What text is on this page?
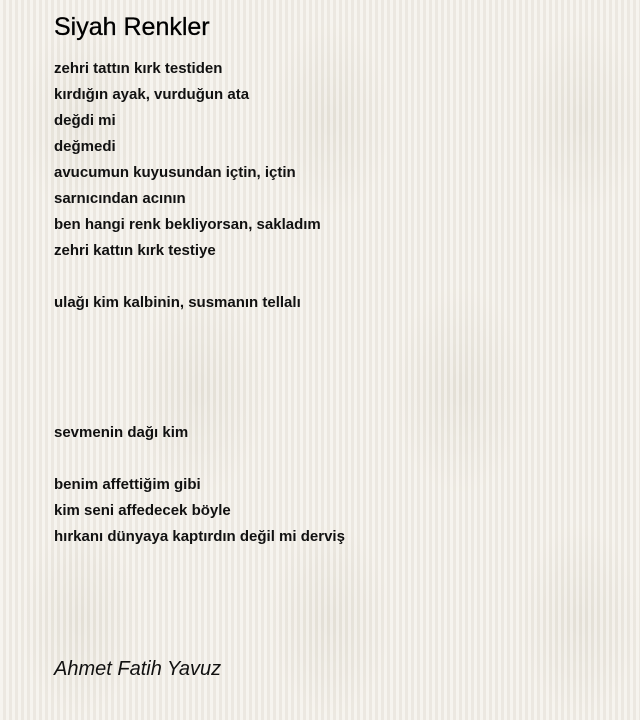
Siyah Renkler
zehri tattın kırk testiden
kırdığın ayak, vurduğun ata
değdi mi
değmedi
avucumun kuyusundan içtin, içtin
sarnıcından acının
ben hangi renk bekliyorsan, sakladım
zehri kattın kırk testiye
ulağı kim kalbinin, susmanın tellalı
sevmenin dağı kim
benim affettiğim gibi
kim seni affedecek böyle
hırkanı dünyaya kaptırdın değil mi derviş
Ahmet Fatih Yavuz
